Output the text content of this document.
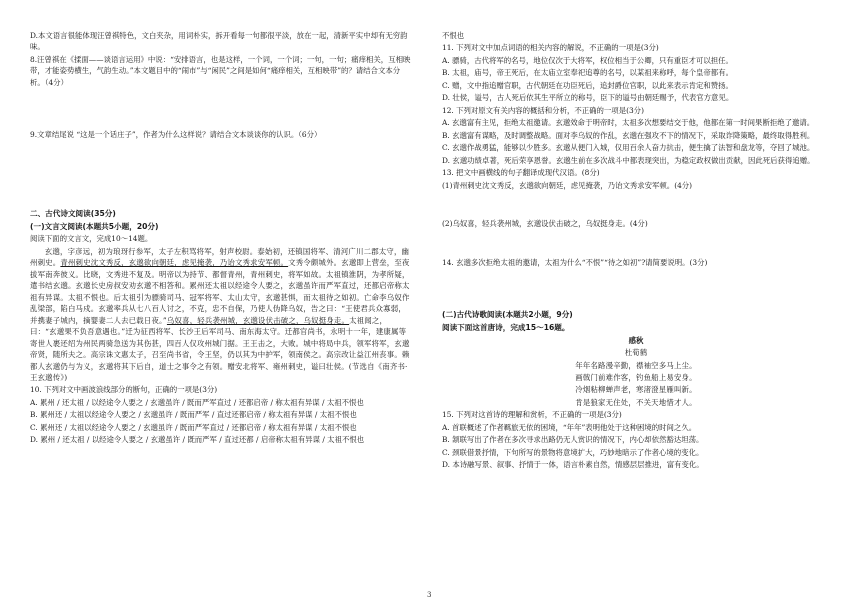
D.本文语言很能体现汪曾祺特色，文白夹杂，用词朴实，拆开看每一句都很平淡，放在一起，清新平实中却有无穷韵味。

8.汪曾祺在《揉面——谈语言运用》中说：“安排语言，也是这样，一个词，一个词；一句，一句；痛痒相关，互相映带，才能姿势横生，气韵生动。”本文题目中的“闹市”与“闲民”之间是如何“痛痒相关，互相映带”的？请结合文本分析。（4分）

9.文章结尾说 “这是一个话庄子”，作者为什么这样说？请结合文本谈谈你的认识。（6分）

二、古代诗文阅读(35分)

(一)文言文阅读(本题共5小题，20分)

阅读下面的文言文，完成10～14题。

玄邈，字彦远，初为琅玡行参军，太子左积骂将军，射声校尉。泰始初，还镇国将军、清河广川二郡太守，幽州刺史。青州刺史沈文秀反，玄邈欲向朝廷，虑见掩袭，乃诒文秀求安军顿。文秀令颇城外。玄邈即上营垒，至夜拔军南奔彼义。比晓，文秀进不复及。明帝以为持节、都督青州，青州刺史，将军如故。太祖镇淮阴，为孝所疑，遣书结玄邈。玄邈长史房叔安劝玄邈不相答和。累州还太祖以经途令人要之，玄邈虽许而严军直过，还都启帝称太祖有异谋。太祖不恨也。后太祖引为骠骑司马、冠军将军、太山太守，玄邈甚惧，而太祖待之如初。亡命李乌奴作乱梁部，陷白马戍。玄邈率兵从七八百人讨之，不克，忠不自保，乃使人伪降乌奴，告之曰：“王使君兵众寡弱，并携妻子城内，摘婴妻二人去已载日夜。”乌奴喜，轻兵袭州城，玄邈设伏击破之，乌奴挺身走。太祖闻之，曰：“玄邈果不负吾意遇也。”迁为征西将军、长沙王后军司马、南东海太守。迁都官尚书，永明十一年，建康属等寄世人裹还绍为州民两骑急送为其伤甚，四百人仅攻州城门据。王王击之，大败。城中将局中兵，领军将军，玄邈帝贤，随所夫之。高宗诛文惠太子，召至尚书省，令王坚，仍以其为中护军，领南侯之。高宗改让益江州丧事。赖都人玄邈仍与为义，玄邈将其下后自，道士之事令之有领。赠安北将军、雍州刺史，谥曰壮侯。(节选自《南齐书·王玄邈传》)

10. 下列对文中画波浪线部分的断句，正确的一项是(3分)

A. 累州 / 还太祖 / 以经途令人要之 / 玄邈虽许 / 既而严军直过 / 还都启帝 / 称太祖有异谋 / 太祖不恨也

B. 累州还 / 太祖以经途令人要之 / 玄邈虽许 / 既而严军 / 直过还都启帝 / 称太祖有异谋 / 太祖不恨也

C. 累州还 / 太祖以经途令人要之 / 玄邈虽许 / 既而严军直过 / 还都启帝 / 称太祖有异谋 / 太祖不恨也

D. 累州 / 还太祖 / 以经途令人要之 / 玄邈虽许 / 既而严军 / 直过还都 / 启帝称太祖有异谋 / 太祖不恨也

不恨也

11. 下列对文中加点词语的相关内容的解说，不正确的一项是(3分)

A. 骠骑，古代将军的名号，地位仅次于大将军，权位相当于公卿，只有重臣才可以担任。

B. 太祖，庙号，帝王死后，在太庙立室奉祀追尊的名号，以某祖来称呼，每个皇帝都有。

C. 赠，文中指追赠官职，古代朝廷在功臣死后，追封爵位官职，以此来表示肯定和赞扬。

D. 壮侯，谥号，古人死后依其生平所立的称号，臣下的谥号由朝廷赐予，代表官方意见。

12. 下列对原文有关内容的概括和分析，不正确的一项是(3分)

A. 玄邈富有主见，拒绝太祖邀请。玄邈效命于明帝时，太祖多次想要结交于他，他都在第一时间果断拒绝了邀请。

B. 玄邈富有谋略，及时调整战略。面对李乌奴的作乱，玄邈在强攻不下的情况下，采取诈降策略，最终取得胜利。

C. 玄邈作战勇猛，能够以少胜多。玄邈从便门入城，仅用百余人奋力抗击，便生擒了法智和盘龙等，夺回了城池。

D. 玄邈功绩卓著，死后荣享恩誉。玄邈生前在多次战斗中都表现突出，为稳定政权做出贡献，因此死后获得追赠。

13. 把文中画横线的句子翻译成现代汉语。(8分)

(1)青州刺史沈文秀反，玄邈欲向朝廷，虑见掩袭，乃诒文秀求安军顿。(4分)

(2)乌奴喜，轻兵袭州城，玄邈设伏击破之，乌奴挺身走。(4分)

14. 玄邈多次拒绝太祖的邀请，太祖为什么“不恨”“待之如初”?请简要说明。(3分)

(二)古代诗歌阅读(本题共2小题，9分)

阅读下面这首唐诗，完成15～16题。

感秋

杜荀鹤

年年名路漫辛勤，襟袖空多马上尘。

画戟门前难作客，钓鱼船上易安身。

冷烟粘柳蝉声老，寒渚澄星雁叫新。

肯是狼家无住处，不关天地惜才人。

15. 下列对这首诗的理解和赏析，不正确的一项是(3分)

A. 首联概述了作者羁旅无依的困境，“年年”表明他处于这种困境的时间之久。

B. 颔联写出了作者在多次寻求出路仍无人赏识的情况下，内心却依然豁达坦荡。

C. 颈联借景抒情，下句所写的景物将意境扩大，巧妙地暗示了作者心境的变化。

D. 本诗融写景、叙事、抒情于一体，语言朴素自然，情感层层推进，富有变化。

3
